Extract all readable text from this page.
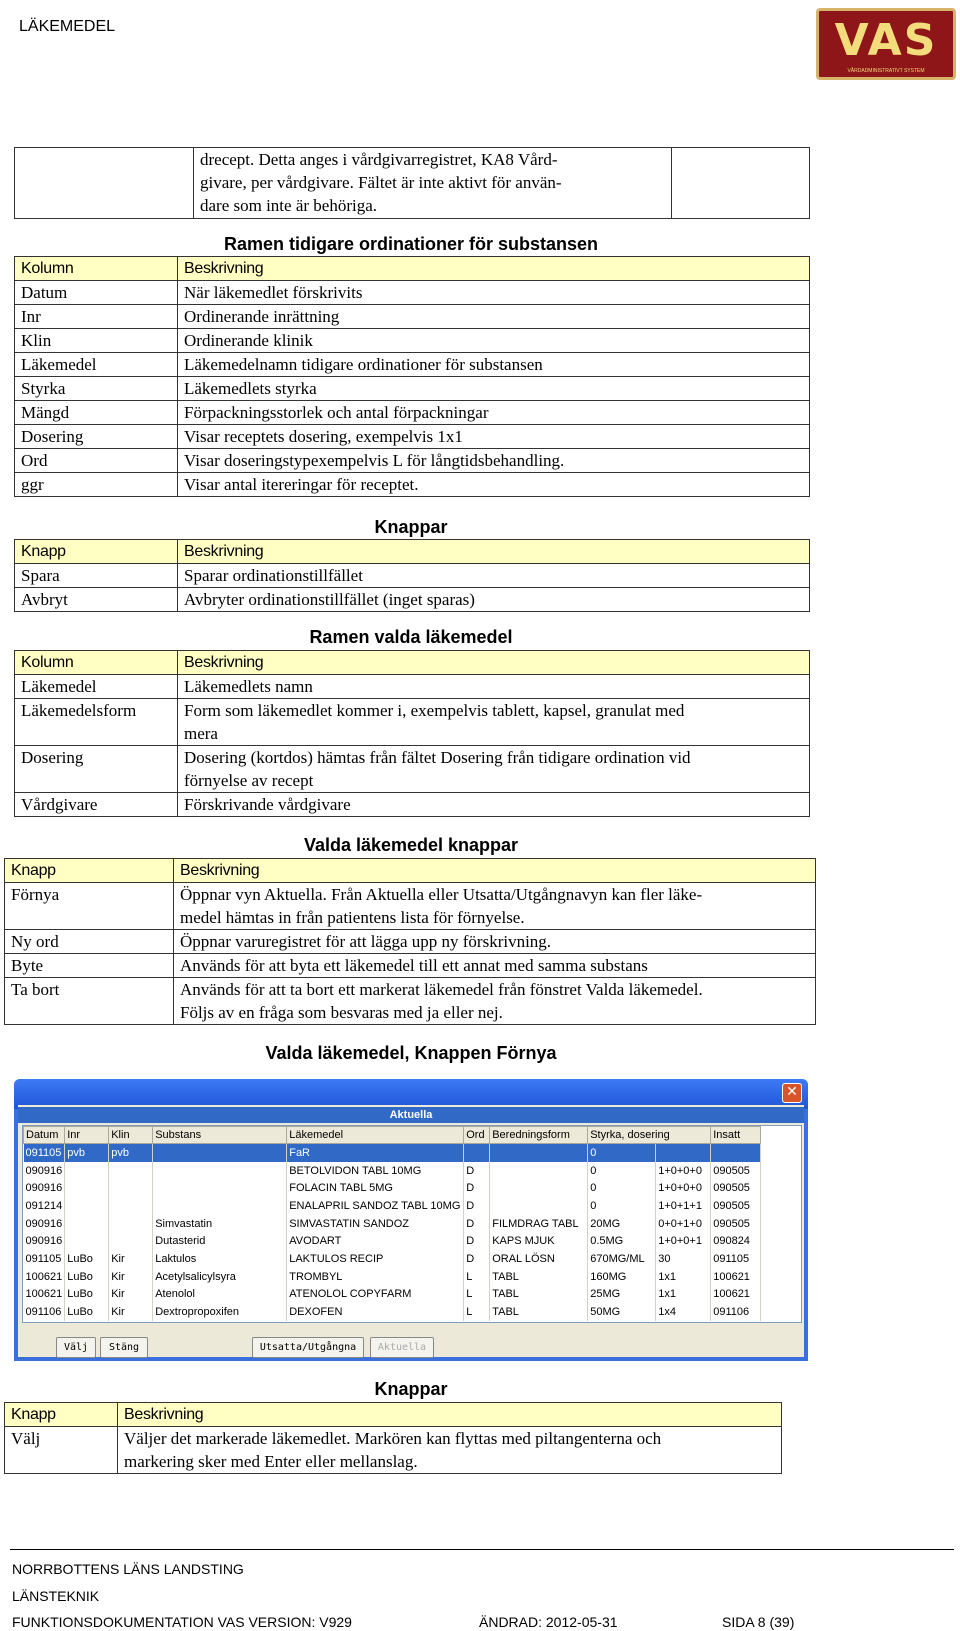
LÄKEMEDEL	VAS
VÅRDADMINISTRATIVT SYSTEM

drecept. Detta anges i vårdgivarregistret, KA8 Vård-
givare, per vårdgivare. Fältet är inte aktivt för använ-
dare som inte är behöriga.

Ramen tidigare ordinationer för substansen
Kolumn	Beskrivning
Datum	När läkemedlet förskrivits
Inr	Ordinerande inrättning
Klin	Ordinerande klinik
Läkemedel	Läkemedelnamn tidigare ordinationer för substansen
Styrka	Läkemedlets styrka
Mängd	Förpackningsstorlek och antal förpackningar
Dosering	Visar receptets dosering, exempelvis 1x1
Ord	Visar doseringstypexempelvis L för långtidsbehandling.
ggr	Visar antal itereringar för receptet.
Knappar
Knapp	Beskrivning
Spara	Sparar ordinationstillfället
Avbryt	Avbryter ordinationstillfället (inget sparas)
Ramen valda läkemedel
Kolumn	Beskrivning
Läkemedel	Läkemedlets namn
Läkemedelsform	Form som läkemedlet kommer i, exempelvis tablett, kapsel, granulat med
mera

Dosering	Dosering (kortdos) hämtas från fältet Dosering från tidigare ordination vid
förnyelse av recept

Vårdgivare	Förskrivande vårdgivare
Valda läkemedel knappar
Knapp	Beskrivning
Förnya	Öppnar vyn Aktuella. Från Aktuella eller Utsatta/Utgångnavyn kan fler läke-
medel hämtas in från patientens lista för förnyelse.

Ny ord	Öppnar varuregistret för att lägga upp ny förskrivning.
Byte	Används för att byta ett läkemedel till ett annat med samma substans
Ta bort	Används för att ta bort ett markerat läkemedel från fönstret Valda läkemedel.
Följs av en fråga som besvaras med ja eller nej.
Valda läkemedel, Knappen Förnya
✕
Aktuella
Datum	Inr	Klin	Substans	Läkemedel	Ord	Beredningsform	Styrka, dosering		Insatt
091105	pvb	pvb		FaR			0		
090916				BETOLVIDON TABL 10MG	D		0	1+0+0+0	090505
090916				FOLACIN TABL 5MG	D		0	1+0+0+0	090505
091214				ENALAPRIL SANDOZ TABL 10MG	D		0	1+0+1+1	090505
090916			Simvastatin	SIMVASTATIN SANDOZ	D	FILMDRAG TABL	20MG	0+0+1+0	090505
090916			Dutasterid	AVODART	D	KAPS MJUK	0.5MG	1+0+0+1	090824
091105	LuBo	Kir	Laktulos	LAKTULOS RECIP	D	ORAL LÖSN	670MG/ML	30	091105
100621	LuBo	Kir	Acetylsalicylsyra	TROMBYL	L	TABL	160MG	1x1	100621
100621	LuBo	Kir	Atenolol	ATENOLOL COPYFARM	L	TABL	25MG	1x1	100621
091106	LuBo	Kir	Dextropropoxifen	DEXOFEN	L	TABL	50MG	1x4	091106
Välj	Stäng	Utsatta/Utgångna	Aktuella
Knappar
Knapp	Beskrivning
Välj	Väljer det markerade läkemedlet. Markören kan flyttas med piltangenterna och
markering sker med Enter eller mellanslag.
NORRBOTTENS LÄNS LANDSTING
LÄNSTEKNIK
FUNKTIONSDOKUMENTATION VAS VERSION: V929	ÄNDRAD: 2012-05-31	SIDA 8 (39)
